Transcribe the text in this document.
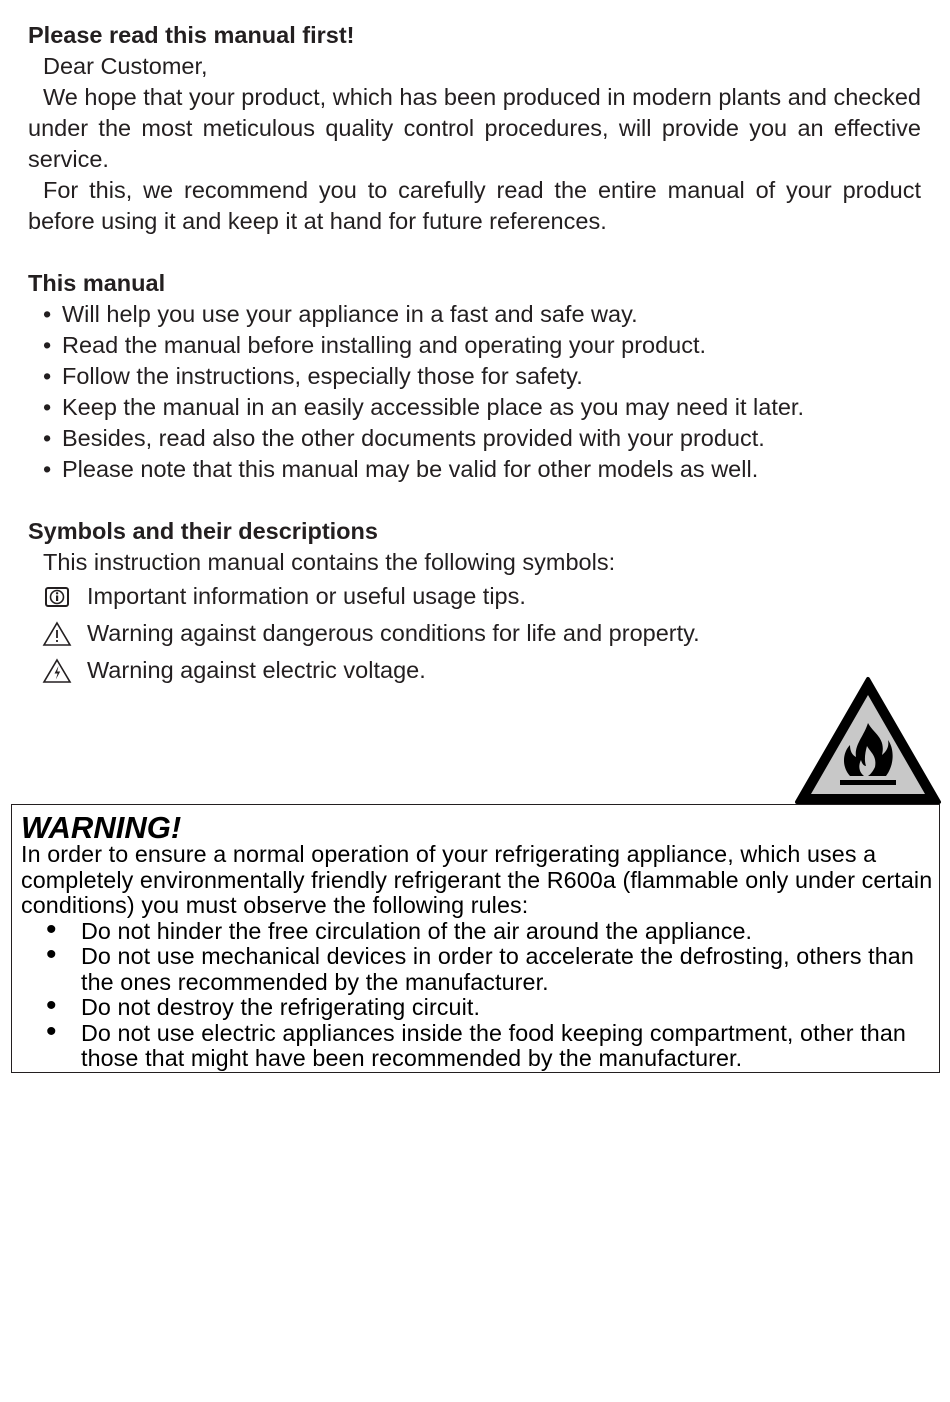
Please read this manual first!

Dear Customer,

We hope that your product, which has been produced in modern plants and checked under the most meticulous quality control procedures, will provide you an effective service.

For this, we recommend you to carefully read the entire manual of your product before using it and keep it at hand for future references.

This manual

• Will help you use your appliance in a fast and safe way.
• Read the manual before installing and operating your product.
• Follow the instructions, especially those for safety.
• Keep the manual in an easily accessible place as you may need it later.
• Besides, read also the other documents provided with your product.
• Please note that this manual may be valid for other models as well.

Symbols and their descriptions

This instruction manual contains the following symbols:

Important information or useful usage tips.
Warning against dangerous conditions for life and property.
Warning against electric voltage.
WARNING!

In order to ensure a normal operation of your refrigerating appliance, which uses a completely environmentally friendly refrigerant the R600a (flammable only under certain conditions) you must observe the following rules:

• Do not hinder the free circulation of the air around the appliance.
• Do not use mechanical devices in order to accelerate the defrosting, others than the ones recommended by the manufacturer.
• Do not destroy the refrigerating circuit.
• Do not use electric appliances inside the food keeping compartment, other than those that might have been recommended by the manufacturer.
